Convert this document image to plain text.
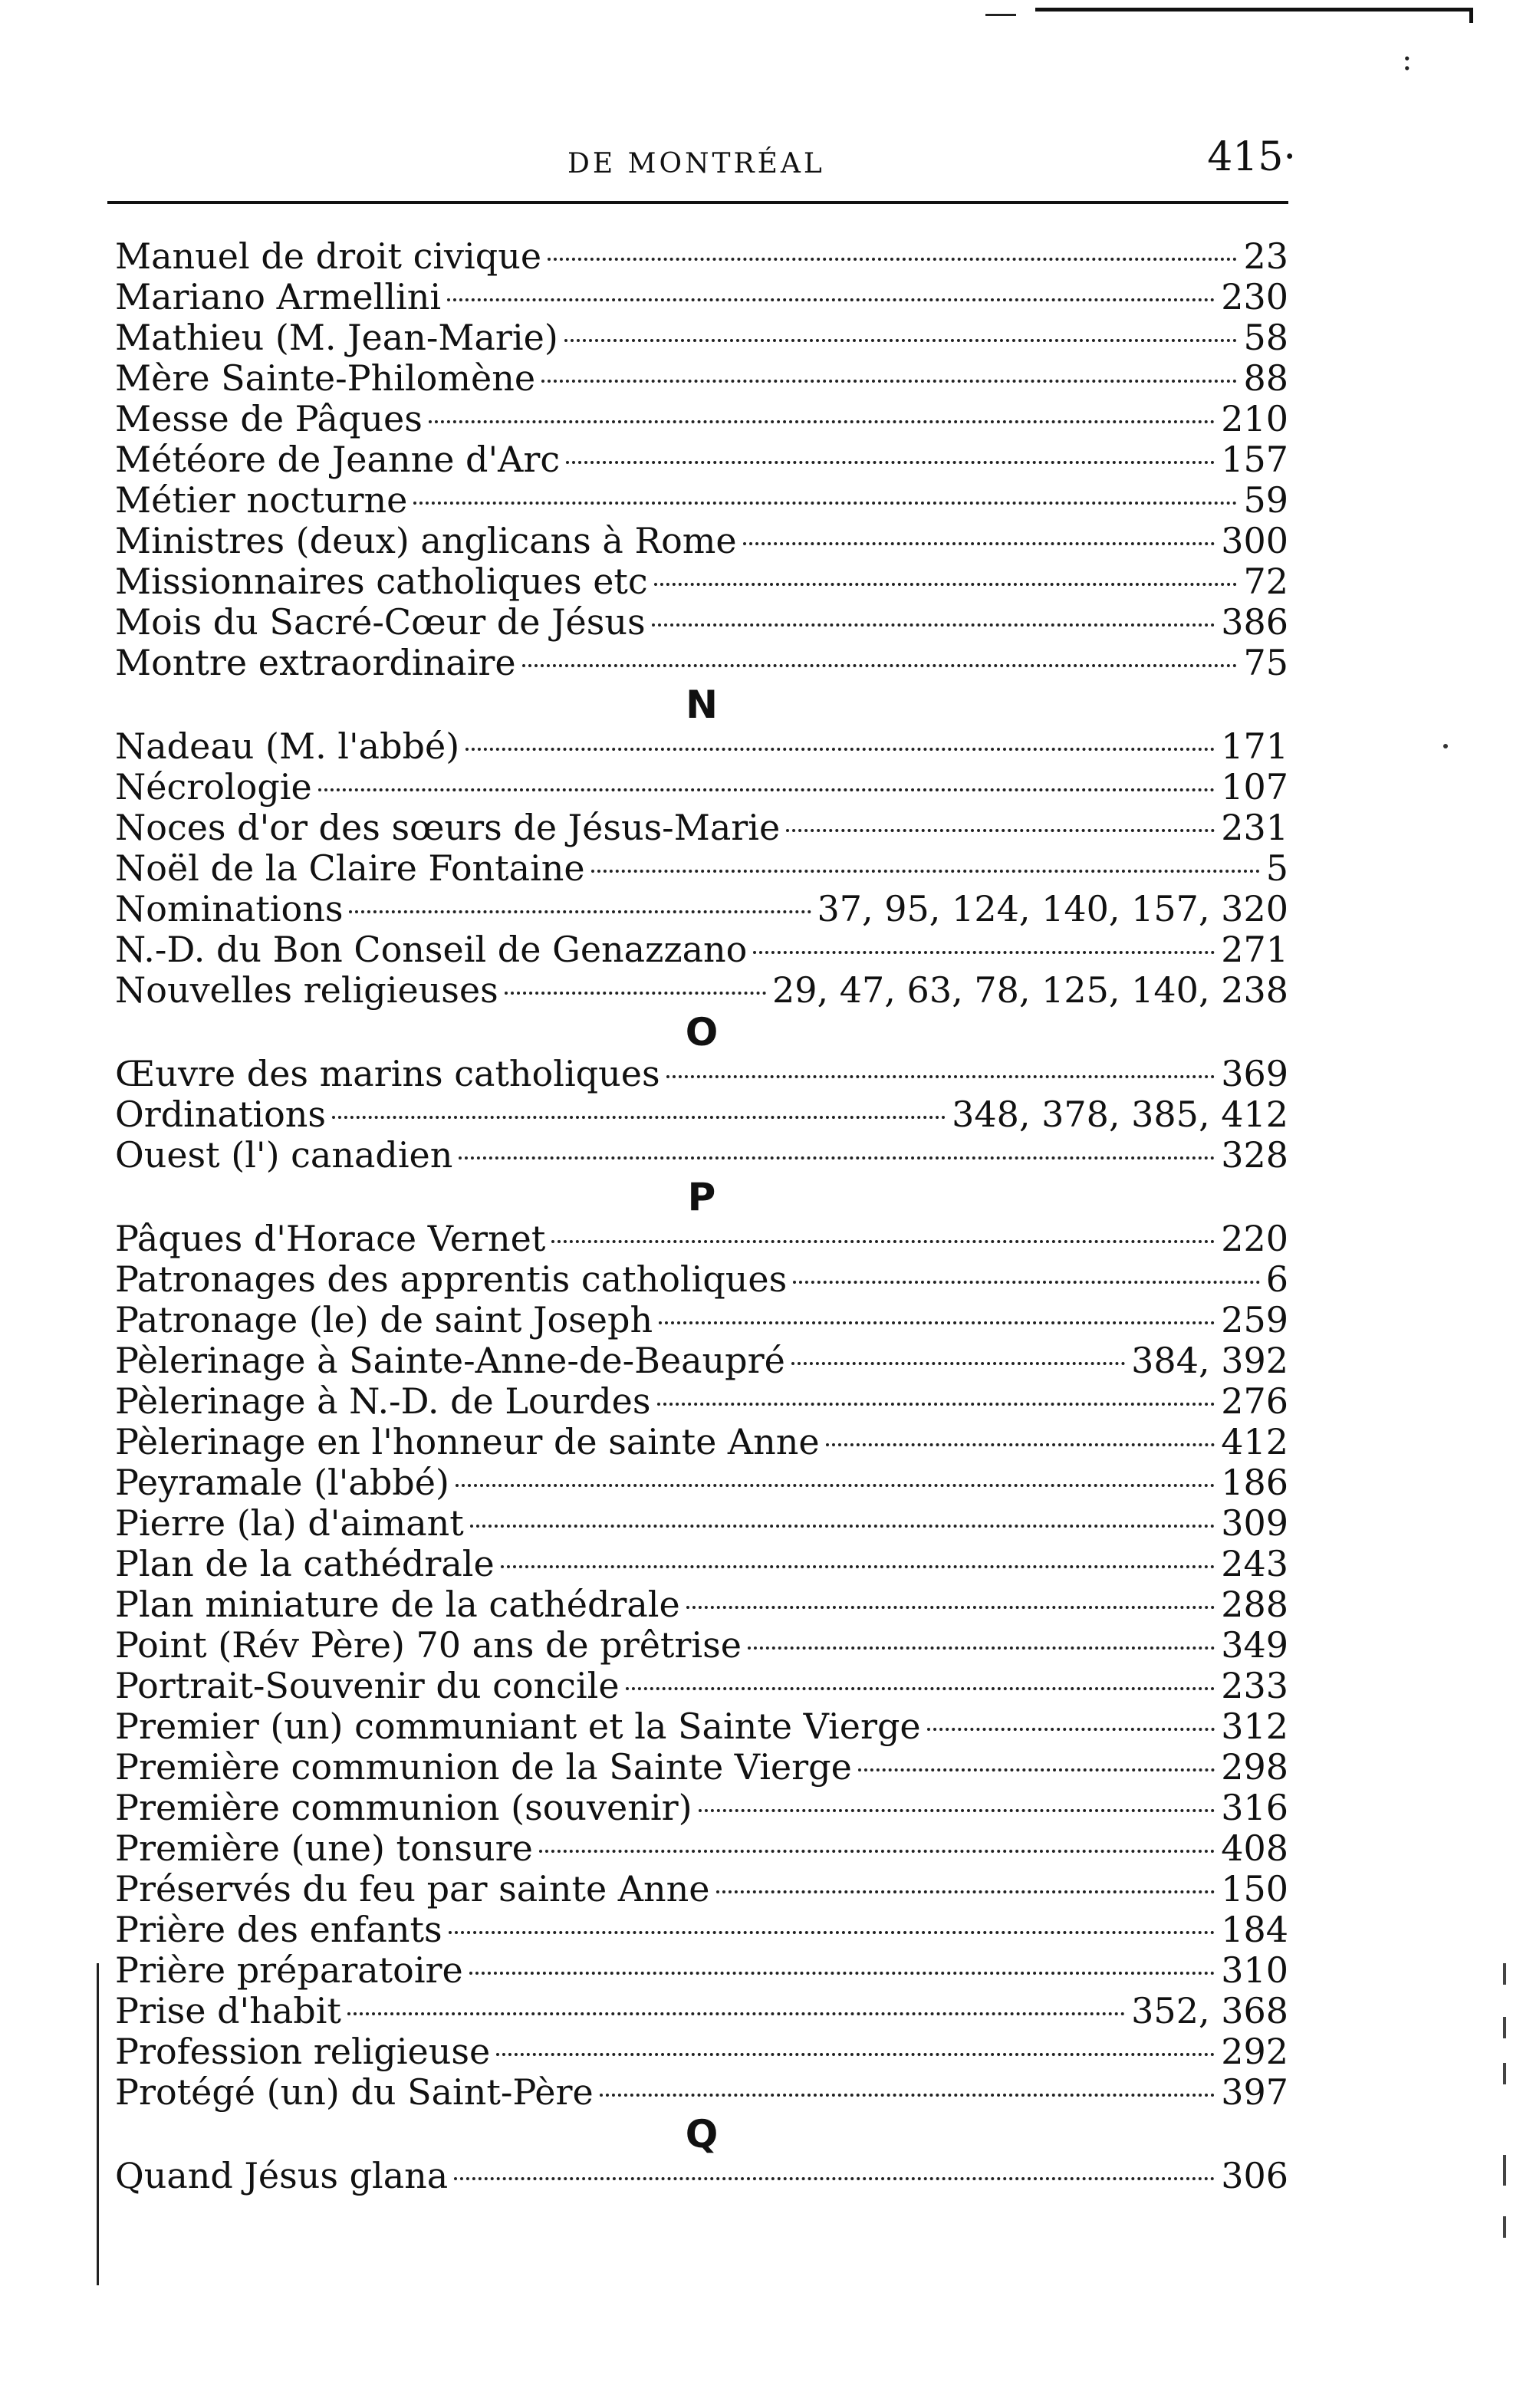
:
DE MONTRÉAL	415·
Manuel de droit civique	23
Mariano Armellini	230
Mathieu (M. Jean-Marie)	58
Mère Sainte-Philomène	88
Messe de Pâques	210
Météore de Jeanne d'Arc	157
Métier nocturne	59
Ministres (deux) anglicans à Rome	300
Missionnaires catholiques etc	72
Mois du Sacré-Cœur de Jésus	386
Montre extraordinaire	75
N
Nadeau (M. l'abbé)	171
Nécrologie	107
Noces d'or des sœurs de Jésus-Marie	231
Noël de la Claire Fontaine	5
Nominations	37, 95, 124, 140, 157, 320
N.-D. du Bon Conseil de Genazzano	271
Nouvelles religieuses	29, 47, 63, 78, 125, 140, 238
O
Œuvre des marins catholiques	369
Ordinations	348, 378, 385, 412
Ouest (l') canadien	328
P
Pâques d'Horace Vernet	220
Patronages des apprentis catholiques	6
Patronage (le) de saint Joseph	259
Pèlerinage à Sainte-Anne-de-Beaupré	384, 392
Pèlerinage à N.-D. de Lourdes	276
Pèlerinage en l'honneur de sainte Anne	412
Peyramale (l'abbé)	186
Pierre (la) d'aimant	309
Plan de la cathédrale	243
Plan miniature de la cathédrale	288
Point (Rév Père) 70 ans de prêtrise	349
Portrait-Souvenir du concile	233
Premier (un) communiant et la Sainte Vierge	312
Première communion de la Sainte Vierge	298
Première communion (souvenir)	316
Première (une) tonsure	408
Préservés du feu par sainte Anne	150
Prière des enfants	184
Prière préparatoire	310
Prise d'habit	352, 368
Profession religieuse	292
Protégé (un) du Saint-Père	397
Q
Quand Jésus glana	306
